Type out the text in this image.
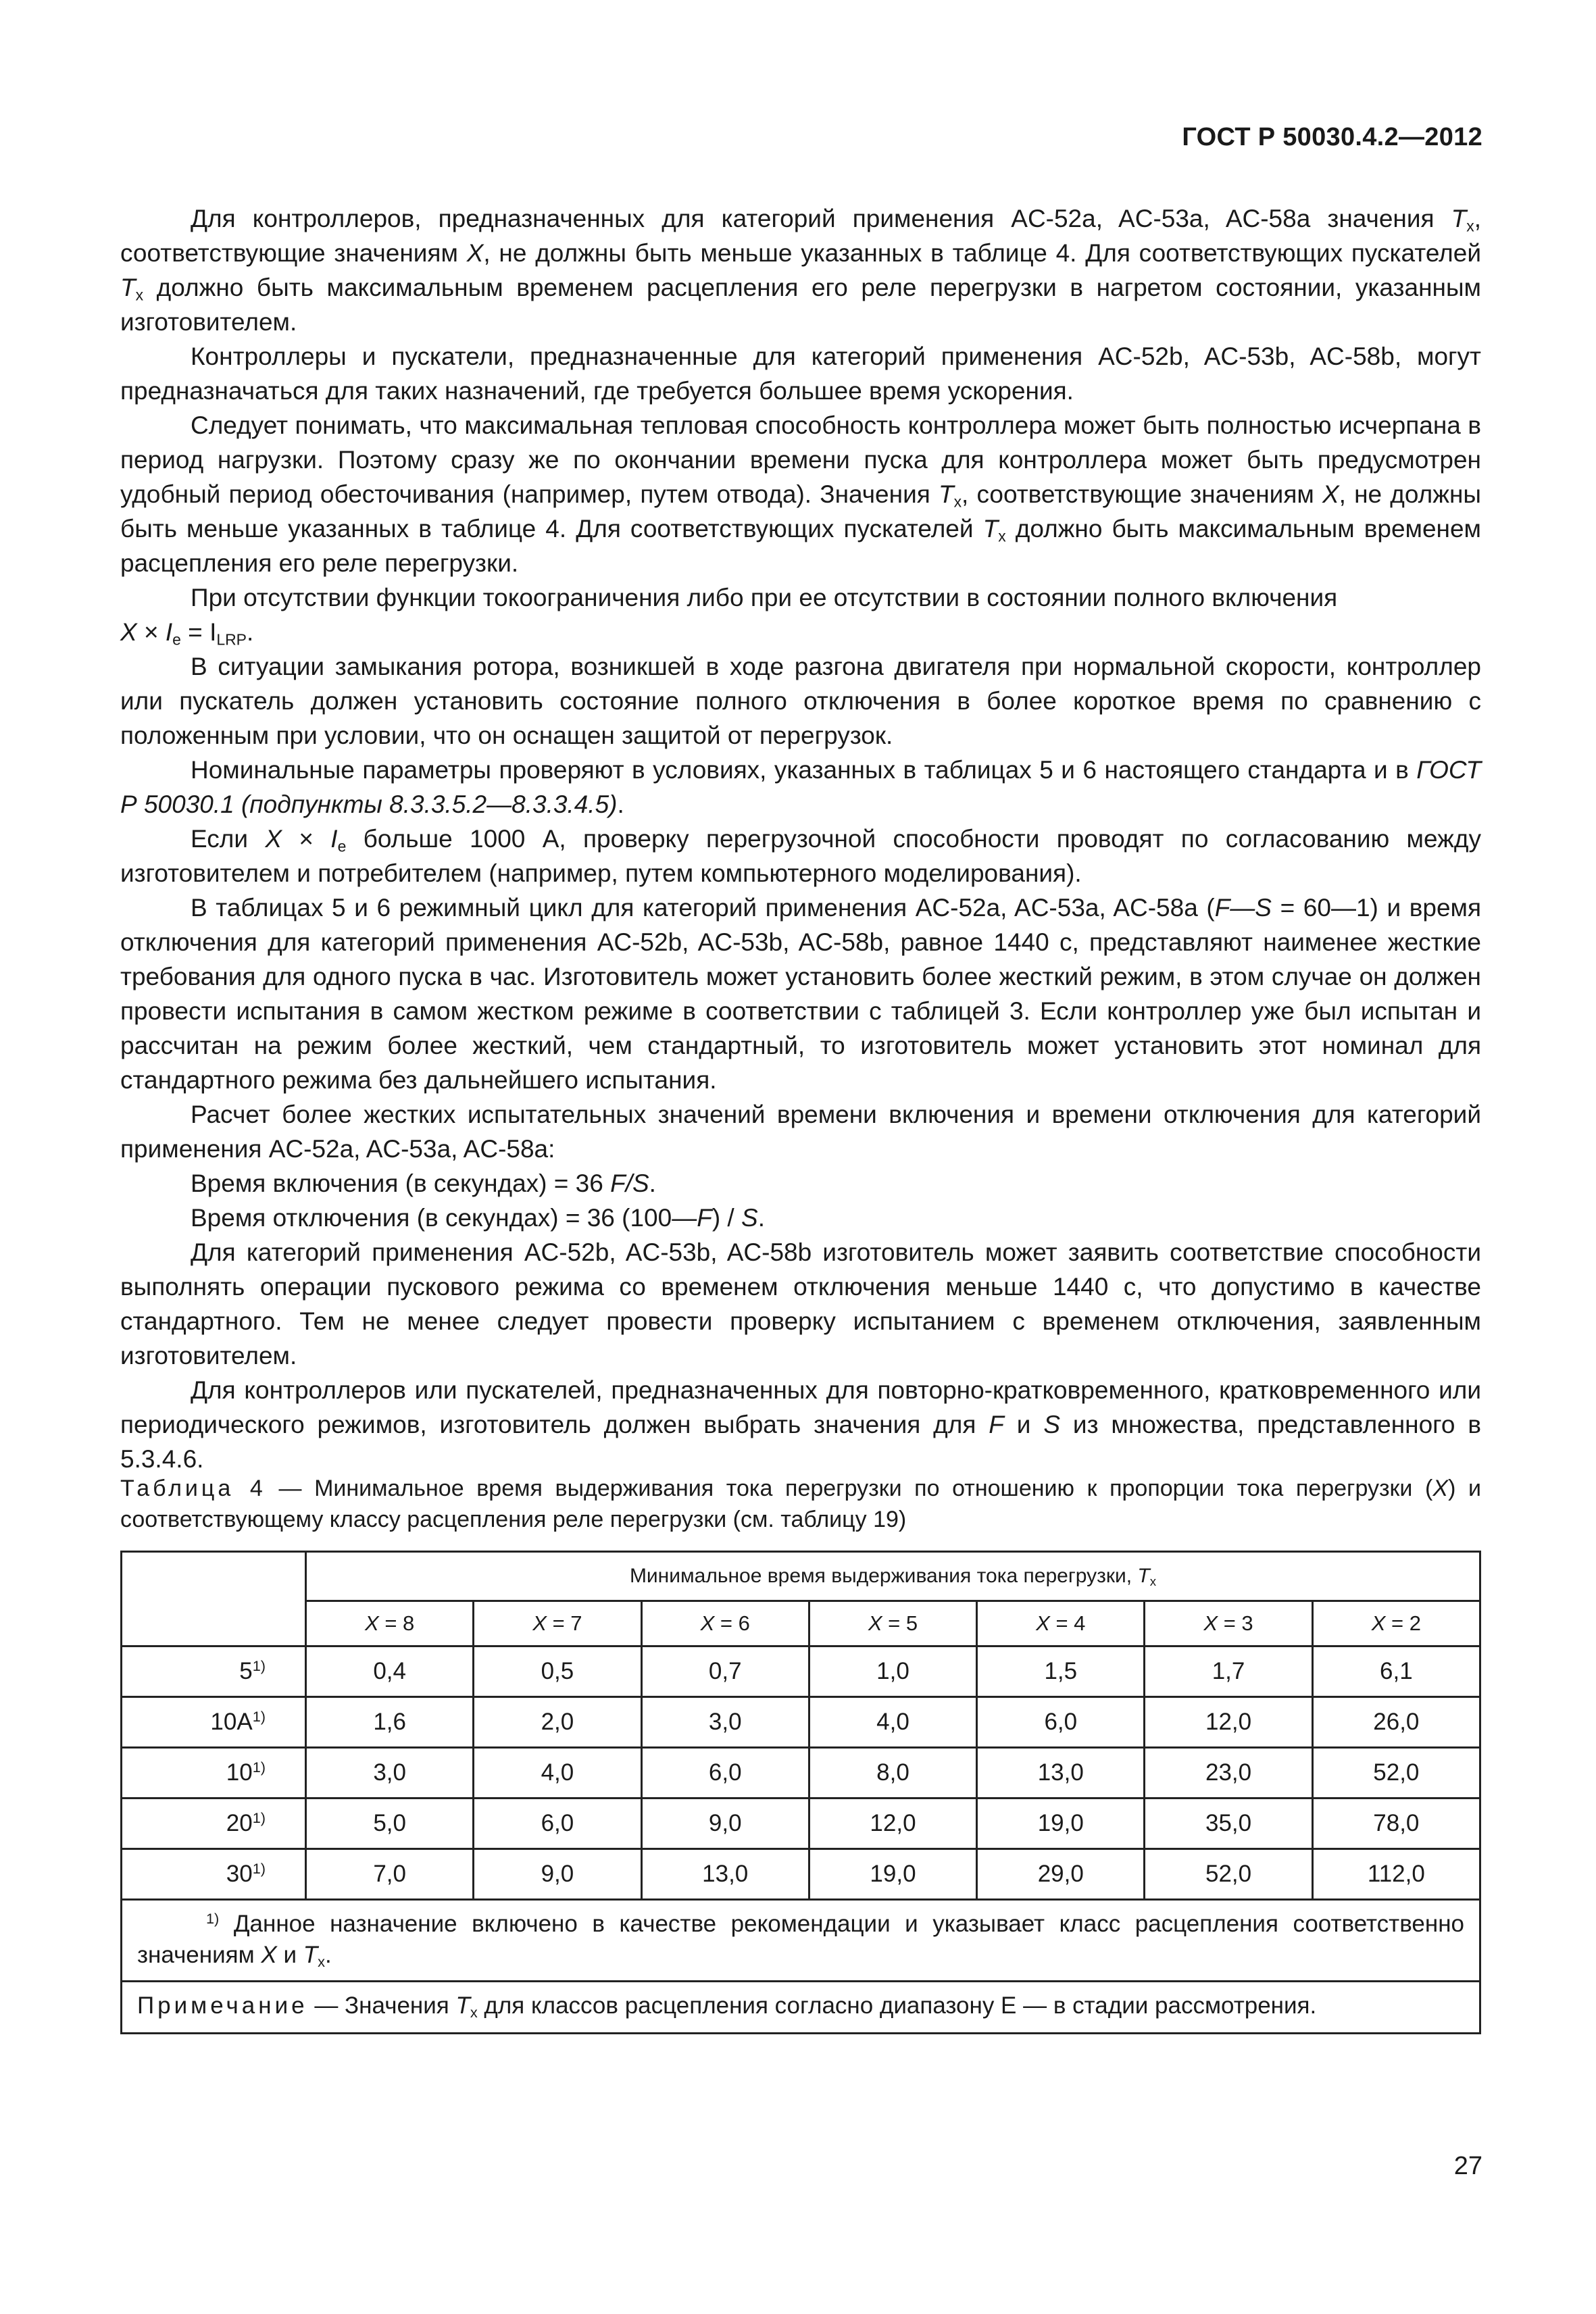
ГОСТ Р 50030.4.2—2012

Для контроллеров, предназначенных для категорий применения AC-52a, AC-53a, AC-58a значения $T_x$, соответствующие значениям X, не должны быть меньше указанных в таблице 4. Для соответствующих пускателей $T_x$ должно быть максимальным временем расцепления его реле перегрузки в нагретом состоянии, указанным изготовителем.

Контроллеры и пускатели, предназначенные для категорий применения AC-52b, AC-53b, AC-58b, могут предназначаться для таких назначений, где требуется большее время ускорения.

Следует понимать, что максимальная тепловая способность контроллера может быть полностью исчерпана в период нагрузки. Поэтому сразу же по окончании времени пуска для контроллера может быть предусмотрен удобный период обесточивания (например, путем отвода). Значения $T_x$, соответствующие значениям X, не должны быть меньше указанных в таблице 4. Для соответствующих пускателей $T_x$ должно быть максимальным временем расцепления его реле перегрузки.

При отсутствии функции токоограничения либо при ее отсутствии в состоянии полного включения

$X \times I_e = I_{LRP}$.

В ситуации замыкания ротора, возникшей в ходе разгона двигателя при нормальной скорости, контроллер или пускатель должен установить состояние полного отключения в более короткое время по сравнению с положенным при условии, что он оснащен защитой от перегрузок.

Номинальные параметры проверяют в условиях, указанных в таблицах 5 и 6 настоящего стандарта и в ГОСТ Р 50030.1 (подпункты 8.3.3.5.2—8.3.3.4.5).

Если $X \times I_e$ больше 1000 А, проверку перегрузочной способности проводят по согласованию между изготовителем и потребителем (например, путем компьютерного моделирования).

В таблицах 5 и 6 режимный цикл для категорий применения AC-52a, AC-53a, AC-58a (F—S = 60—1) и время отключения для категорий применения AC-52b, AC-53b, AC-58b, равное 1440 с, представляют наименее жесткие требования для одного пуска в час. Изготовитель может установить более жесткий режим, в этом случае он должен провести испытания в самом жестком режиме в соответствии с таблицей 3. Если контроллер уже был испытан и рассчитан на режим более жесткий, чем стандартный, то изготовитель может установить этот номинал для стандартного режима без дальнейшего испытания.

Расчет более жестких испытательных значений времени включения и времени отключения для категорий применения AC-52a, AC-53a, AC-58a:

Время включения (в секундах) = 36 F/S.

Время отключения (в секундах) = 36 (100—F) / S.

Для категорий применения AC-52b, AC-53b, AC-58b изготовитель может заявить соответствие способности выполнять операции пускового режима со временем отключения меньше 1440 с, что допустимо в качестве стандартного. Тем не менее следует провести проверку испытанием с временем отключения, заявленным изготовителем.

Для контроллеров или пускателей, предназначенных для повторно-кратковременного, кратковременного или периодического режимов, изготовитель должен выбрать значения для F и S из множества, представленного в 5.3.4.6.

Таблица 4 — Минимальное время выдерживания тока перегрузки по отношению к пропорции тока перегрузки (X) и соответствующему классу расцепления реле перегрузки (см. таблицу 19)
	Минимальное время выдерживания тока перегрузки, $T_x$
	X = 8	X = 7	X = 6	X = 5	X = 4	X = 3	X = 2
5$^{1)}$	0,4	0,5	0,7	1,0	1,5	1,7	6,1
$10A^{1)}$	1,6	2,0	3,0	4,0	6,0	12,0	26,0
10$^{1)}$	3,0	4,0	6,0	8,0	13,0	23,0	52,0
20$^{1)}$	5,0	6,0	9,0	12,0	19,0	35,0	78,0
30$^{1)}$	7,0	9,0	13,0	19,0	29,0	52,0	112,0
$^{1)}$ Данное назначение включено в качестве рекомендации и указывает класс расцепления соответственно значениям X и $T_x$.							
Примечание — Значения $T_x$ для классов расцепления согласно диапазону E — в стадии рассмотрения.							
27
